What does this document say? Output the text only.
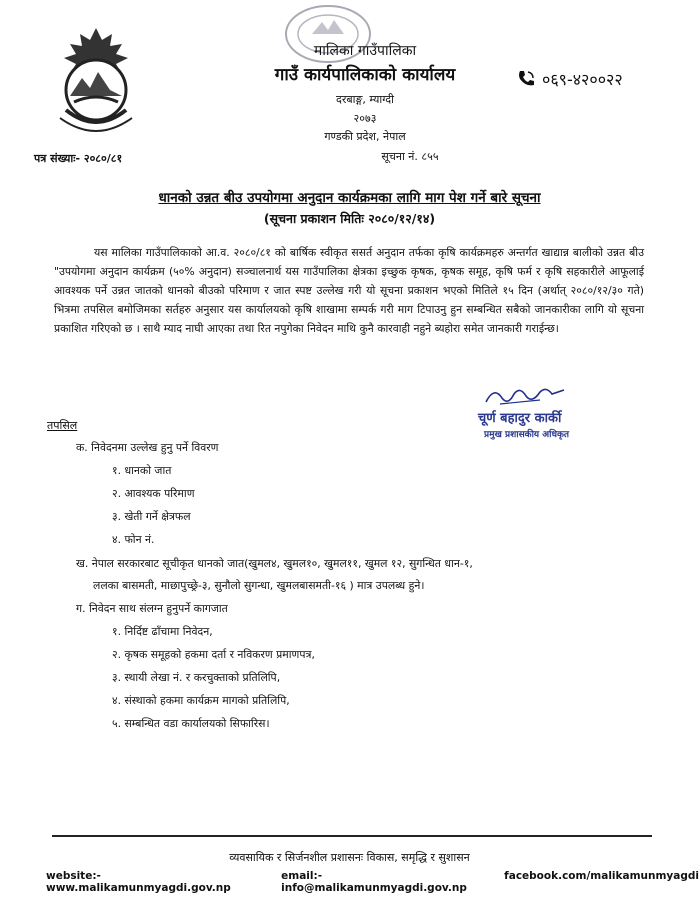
मालिका गाउँपालिका
गाउँ कार्यपालिकाको कार्यालय
दरबाङ्ग, म्याग्दी
२०७३
गण्डकी प्रदेश, नेपाल
सूचना नं. ८५५
०६९-४२००२२
पत्र संख्याः- २०८०/८१
धानको उन्नत बीउ उपयोगमा अनुदान कार्यक्रमका लागि माग पेश गर्ने बारे सूचना
(सूचना प्रकाशन मितिः २०८०/१२/१४)

यस मालिका गाउँपालिकाको आ.व. २०८०/८१ को बार्षिक स्वीकृत ससर्त अनुदान तर्फका कृषि कार्यक्रमहरु अन्तर्गत खाद्यान्न बालीको उन्नत बीउ "उपयोगमा अनुदान कार्यक्रम (५०% अनुदान) सञ्चालनार्थ यस गाउँपालिका क्षेत्रका इच्छुक कृषक, कृषक समूह, कृषि फर्म र कृषि सहकारीले आफूलाई आवश्यक पर्ने उन्नत जातको धानको बीउको परिमाण र जात स्पष्ट उल्लेख गरी यो सूचना प्रकाशन भएको मितिले १५ दिन (अर्थात् २०८०/१२/३० गते) भित्रमा तपसिल बमोजिमका सर्तहरु अनुसार यस कार्यालयको कृषि शाखामा सम्पर्क गरी माग टिपाउनु हुन सम्बन्धित सबैको जानकारीका लागि यो सूचना प्रकाशित गरिएको छ । साथै म्याद नाघी आएका तथा रित नपुगेका निवेदन माथि कुनै कारवाही नहुने ब्यहोरा समेत जानकारी गराईन्छ।

चूर्ण बहादुर कार्की
प्रमुख प्रशासकीय अधिकृत
तपसिल
क. निवेदनमा उल्लेख हुनु पर्ने विवरण
१. धानको जात
२. आवश्यक परिमाण
३. खेती गर्ने क्षेत्रफल
४. फोन नं.
ख. नेपाल सरकारबाट सूचीकृत धानको जात(खुमल४, खुमल१०, खुमल११, खुमल १२, सुगन्धित धान-१,
ललका बासमती, माछापुच्छ्रे-३, सुनौलो सुगन्धा, खुमलबासमती-१६ ) मात्र उपलब्ध हुने।
ग. निवेदन साथ संलग्न हुनुपर्ने कागजात
१. निर्दिष्ट ढाँचामा निवेदन,
२. कृषक समूहको हकमा दर्ता र नविकरण प्रमाणपत्र,
३. स्थायी लेखा नं. र करचुक्ताको प्रतिलिपि,
४. संस्थाको हकमा कार्यक्रम मागको प्रतिलिपि,
५. सम्बन्धित वडा कार्यालयको सिफारिस।
व्यवसायिक र सिर्जनशील प्रशासनः विकास, समृद्धि र सुशासन
website:-www.malikamunmyagdi.gov.np
email:-info@malikamunmyagdi.gov.np
facebook.com/malikamunmyagdi
